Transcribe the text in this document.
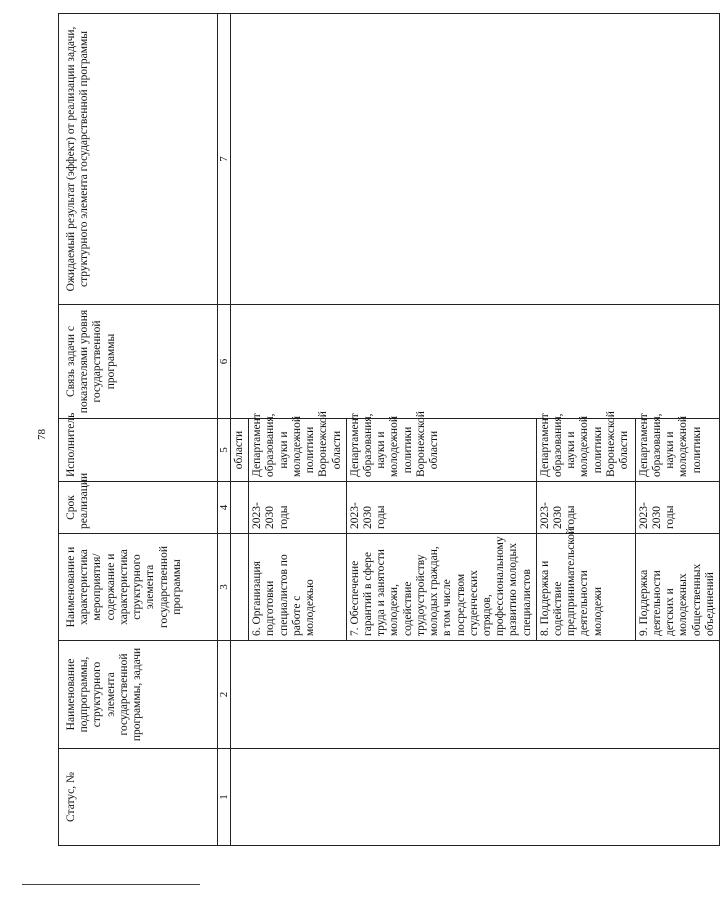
78
Статус, №	Наименование подпрограммы, структурного элемента государственной программы, задачи	Наименование и характеристика мероприятия/содержание и характеристика структурного элемента государственной программы	Срок реализации	Исполнитель	Связь задачи с показателями уровня государственной программы	Ожидаемый результат (эффект) от реализации задачи, структурного элемента государственной программы
1	2	3	4	5	6	7
				области		
		6. Организация подготовки специалистов по работе с молодежью	2023-2030 годы	Департамент образования, науки и молодежной политики Воронежской области		
		7. Обеспечение гарантий в сфере труда и занятости молодежи, содействие трудоустройству молодых граждан, в том числе посредством студенческих отрядов, профессиональному развитию молодых специалистов	2023-2030 годы	Департамент образования, науки и молодежной политики Воронежской области		
		8. Поддержка и содействие предпринимательской деятельности молодежи	2023-2030 годы	Департамент образования, науки и молодежной политики Воронежской области		
		9. Поддержка деятельности детских и молодежных общественных объединений	2023-2030 годы	Департамент образования, науки и молодежной политики		
